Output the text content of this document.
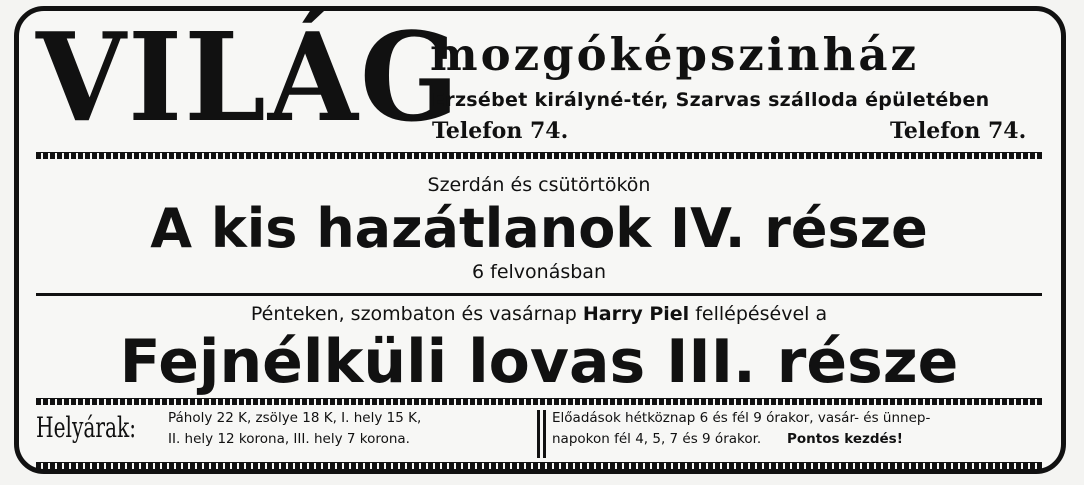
VILÁG
mozgóképszinház
Erzsébet királyné-tér, Szarvas szálloda épületében
Telefon 74.	Telefon 74.
Szerdán és csütörtökön
A kis hazátlanok IV. része
6 felvonásban
Pénteken, szombaton és vasárnap Harry Piel fellépésével a
Fejnélküli lovas III. része
Helyárak: Páholy 22 K, zsölye 18 K, I. hely 15 K,
II. hely 12 korona, III. hely 7 korona.
Előadások hétköznap 6 és fél 9 órakor, vasár- és ünnep-
napokon fél 4, 5, 7 és 9 órakor. Pontos kezdés!
